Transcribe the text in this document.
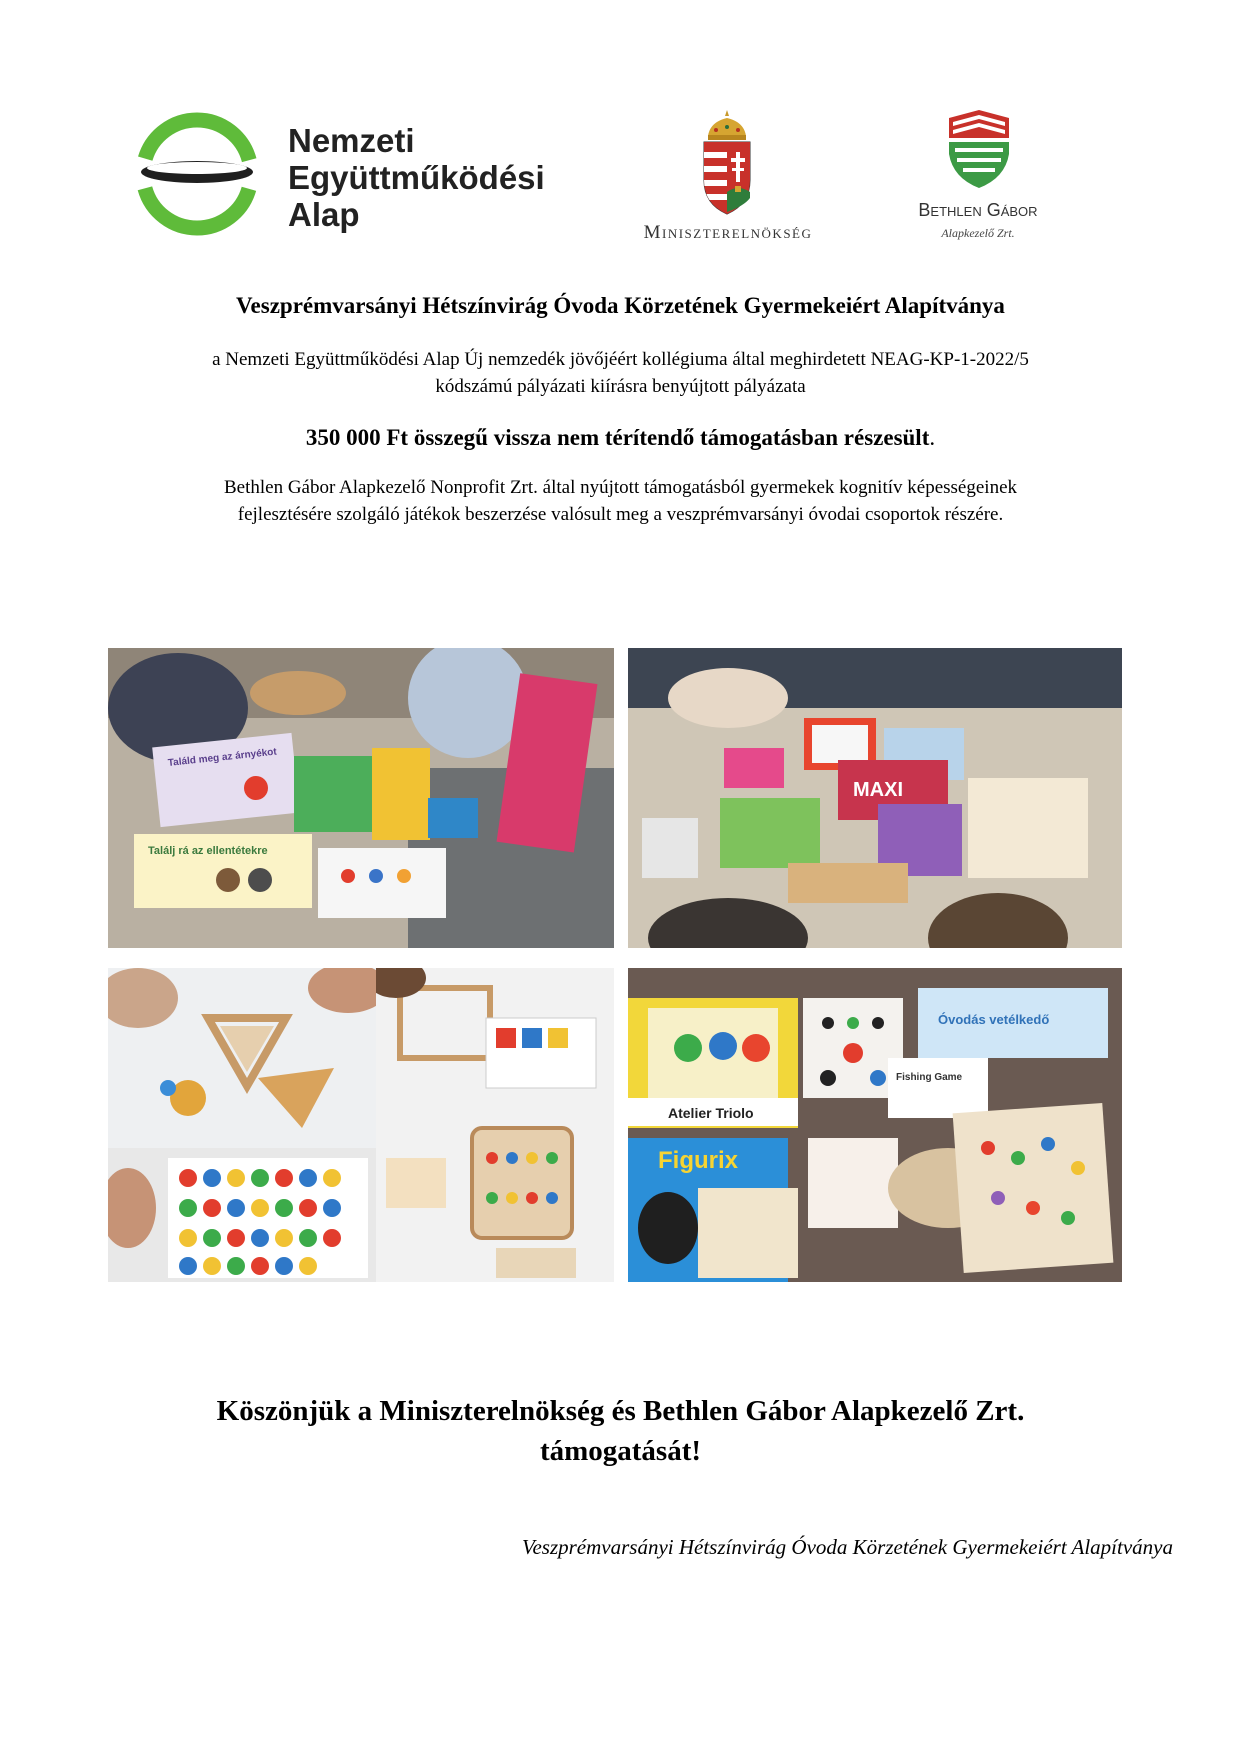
Nemzeti
Együttműködési
Alap	Miniszterelnökség
Bethlen Gábor
Alapkezelő Zrt.
Veszprémvarsányi Hétszínvirág Óvoda Körzetének Gyermekeiért Alapítványa
a Nemzeti Együttműködési Alap Új nemzedék jövőjéért kollégiuma által meghirdetett NEAG-KP-1-2022/5
kódszámú pályázati kiírásra benyújtott pályázata
350 000 Ft összegű vissza nem térítendő támogatásban részesült.
Bethlen Gábor Alapkezelő Nonprofit Zrt. által nyújtott támogatásból gyermekek kognitív képességeinek
fejlesztésére szolgáló játékok beszerzése valósult meg a veszprémvarsányi óvodai csoportok részére.
Találd meg az árnyékot
Találj rá az ellentétekre
MAXI
Atelier Triolo
Óvodás vetélkedő
Figurix
Fishing Game
Köszönjük a Miniszterelnökség és Bethlen Gábor Alapkezelő Zrt.
támogatását!
Veszprémvarsányi Hétszínvirág Óvoda Körzetének Gyermekeiért Alapítványa
